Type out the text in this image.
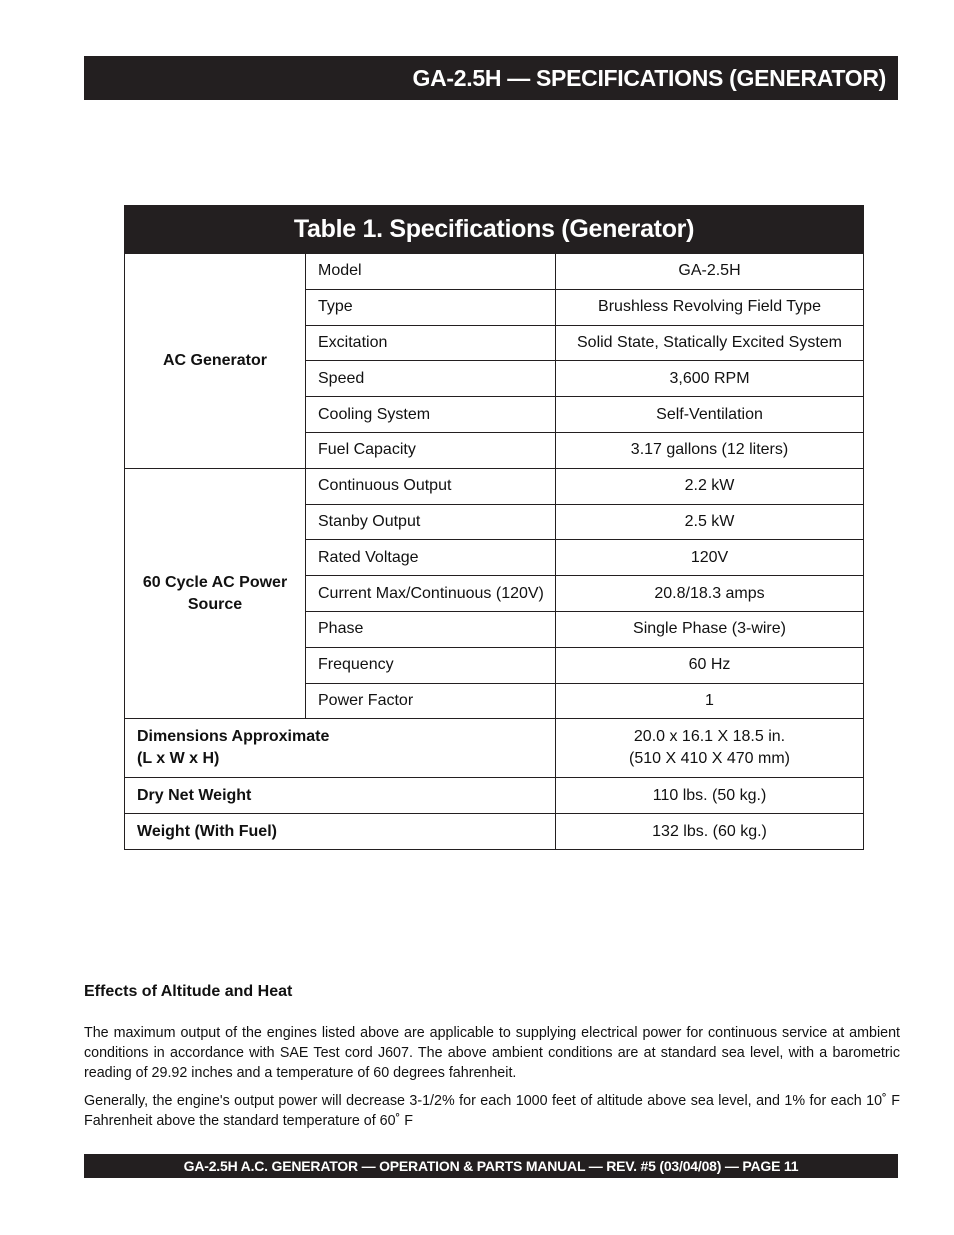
GA-2.5H — SPECIFICATIONS (GENERATOR)
Table 1. Specifications (Generator)		
AC Generator	Model	GA-2.5H
	Type	Brushless Revolving Field Type
	Excitation	Solid State, Statically Excited System
	Speed	3,600 RPM
	Cooling System	Self-Ventilation
	Fuel Capacity	3.17 gallons (12 liters)
60 Cycle AC Power
Source	Continuous Output	2.2 kW
	Stanby Output	2.5 kW
	Rated Voltage	120V
	Current Max/Continuous (120V)	20.8/18.3 amps
	Phase	Single Phase (3-wire)
	Frequency	60 Hz
	Power Factor	1
Dimensions Approximate
(L x W x H)		20.0 x 16.1 X 18.5 in.
(510 X 410 X 470 mm)
Dry Net Weight		110 lbs. (50 kg.)
Weight (With Fuel)		132 lbs. (60 kg.)
Effects of Altitude and Heat

The maximum output of the engines listed above are applicable to supplying electrical power for continuous service at ambient conditions in accordance with SAE Test cord J607. The above ambient conditions are at standard sea level, with a barometric reading of 29.92 inches and a temperature of 60 degrees fahrenheit.

Generally, the engine's output power will decrease 3-1/2% for each 1000 feet of altitude above sea level, and 1% for each 10˚ F Fahrenheit above the standard temperature of 60˚ F

GA-2.5H A.C. GENERATOR — OPERATION & PARTS MANUAL — REV. #5 (03/04/08) — PAGE 11
